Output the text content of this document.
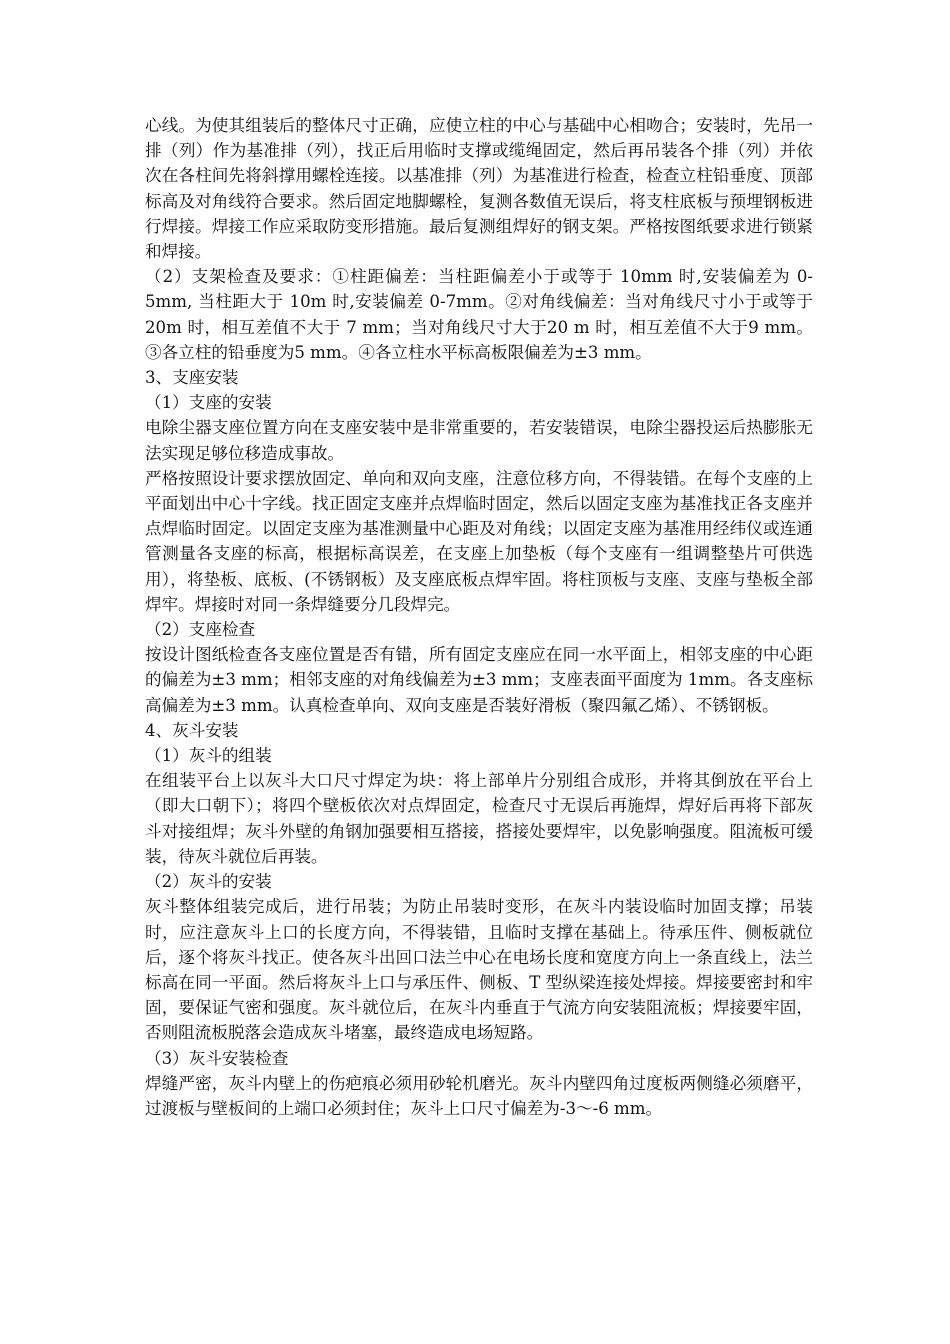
心线。为使其组装后的整体尺寸正确，应使立柱的中心与基础中心相吻合；安装时，先吊一排（列）作为基准排（列），找正后用临时支撑或缆绳固定，然后再吊装各个排（列）并依次在各柱间先将斜撑用螺栓连接。以基准排（列）为基准进行检查，检查立柱铅垂度、顶部标高及对角线符合要求。然后固定地脚螺栓，复测各数值无误后，将支柱底板与预埋钢板进行焊接。焊接工作应采取防变形措施。最后复测组焊好的钢支架。严格按图纸要求进行锁紧和焊接。

（2）支架检查及要求：①柱距偏差：当柱距偏差小于或等于 10mm 时,安装偏差为 0-5mm, 当柱距大于 10m 时,安装偏差 0-7mm。②对角线偏差：当对角线尺寸小于或等于 20m 时，相互差值不大于 7 mm；当对角线尺寸大于20 m 时，相互差值不大于9 mm。③各立柱的铅垂度为5 mm。④各立柱水平标高板限偏差为±3 mm。

3、支座安装

（1）支座的安装

电除尘器支座位置方向在支座安装中是非常重要的，若安装错误，电除尘器投运后热膨胀无法实现足够位移造成事故。

严格按照设计要求摆放固定、单向和双向支座，注意位移方向，不得装错。在每个支座的上平面划出中心十字线。找正固定支座并点焊临时固定，然后以固定支座为基准找正各支座并点焊临时固定。以固定支座为基准测量中心距及对角线；以固定支座为基准用经纬仪或连通管测量各支座的标高，根据标高误差，在支座上加垫板（每个支座有一组调整垫片可供选用），将垫板、底板、(不锈钢板）及支座底板点焊牢固。将柱顶板与支座、支座与垫板全部焊牢。焊接时对同一条焊缝要分几段焊完。

（2）支座检查

按设计图纸检查各支座位置是否有错，所有固定支座应在同一水平面上，相邻支座的中心距的偏差为±3 mm；相邻支座的对角线偏差为±3 mm；支座表面平面度为 1mm。各支座标高偏差为±3 mm。认真检查单向、双向支座是否装好滑板（聚四氟乙烯）、不锈钢板。

4、灰斗安装

（1）灰斗的组装

在组装平台上以灰斗大口尺寸焊定为块：将上部单片分别组合成形，并将其倒放在平台上（即大口朝下）；将四个壁板依次对点焊固定，检查尺寸无误后再施焊，焊好后再将下部灰斗对接组焊；灰斗外壁的角钢加强要相互搭接，搭接处要焊牢，以免影响强度。阻流板可缓装，待灰斗就位后再装。

（2）灰斗的安装

灰斗整体组装完成后，进行吊装；为防止吊装时变形，在灰斗内装设临时加固支撑；吊装时，应注意灰斗上口的长度方向，不得装错，且临时支撑在基础上。待承压件、侧板就位后，逐个将灰斗找正。使各灰斗出回口法兰中心在电场长度和宽度方向上一条直线上，法兰标高在同一平面。然后将灰斗上口与承压件、侧板、T 型纵梁连接处焊接。焊接要密封和牢固，要保证气密和强度。灰斗就位后，在灰斗内垂直于气流方向安装阻流板；焊接要牢固，否则阻流板脱落会造成灰斗堵塞，最终造成电场短路。

（3）灰斗安装检查

焊缝严密，灰斗内壁上的伤疤痕必须用砂轮机磨光。灰斗内壁四角过度板两侧缝必须磨平，过渡板与壁板间的上端口必须封住；灰斗上口尺寸偏差为-3～-6 mm。
